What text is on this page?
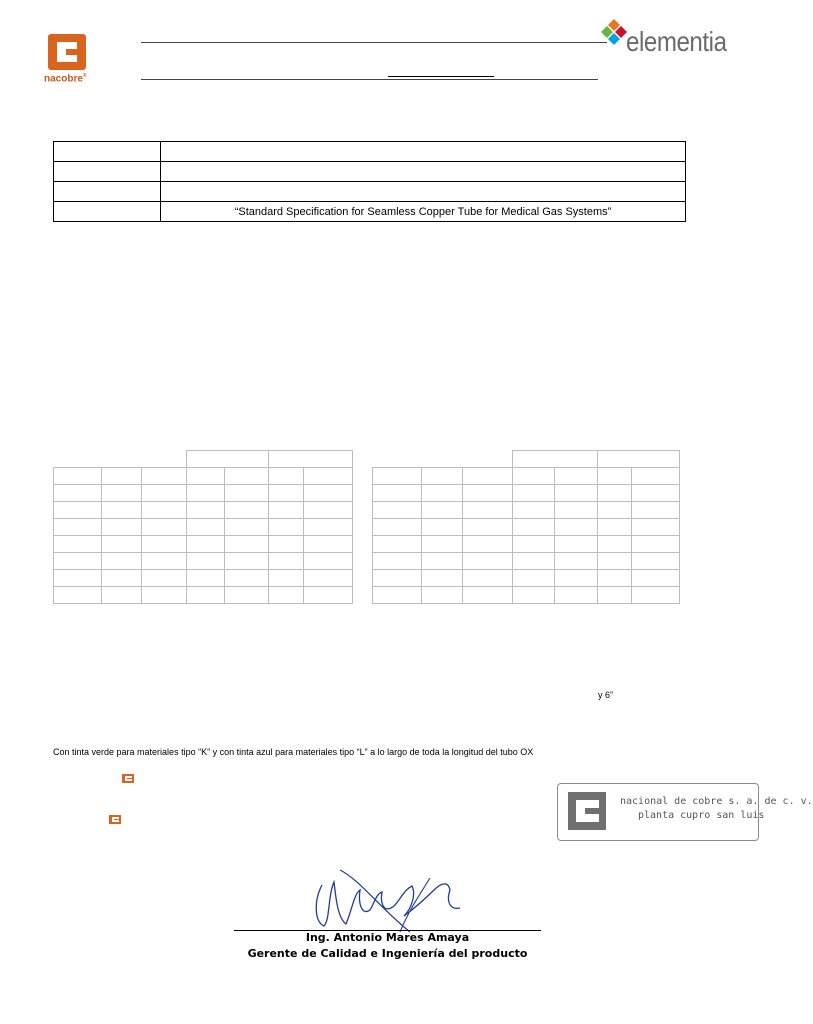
nacobre®
elementia

	“Standard Specification for Seamless Copper Tube for Medical Gas Systems”

y 6”
Con tinta verde para materiales tipo “K” y con tinta azul para materiales tipo “L” a lo largo de toda la longitud del tubo OX
nacional de cobre s. a. de c. v.
planta cupro san luis
Ing. Antonio Mares Amaya
Gerente de Calidad e Ingeniería del producto
